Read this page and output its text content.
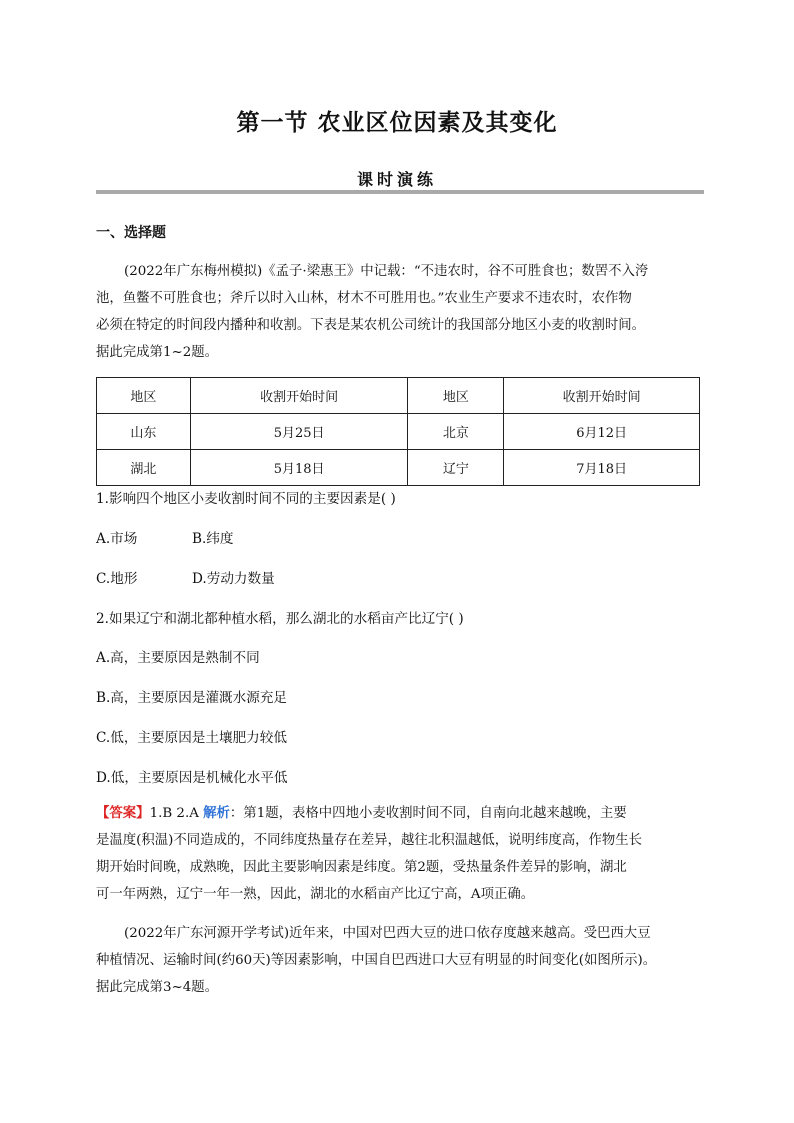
第一节 农业区位因素及其变化
课时演练
一、选择题
(2022年广东梅州模拟)《孟子·梁惠王》中记载：“不违农时，谷不可胜食也；数罟不入洿
池，鱼鳖不可胜食也；斧斤以时入山林，材木不可胜用也。”农业生产要求不违农时，农作物
必须在特定的时间段内播种和收割。下表是某农机公司统计的我国部分地区小麦的收割时间。
据此完成第1~2题。
地区	收割开始时间	地区	收割开始时间
山东	5月25日	北京	6月12日
湖北	5月18日	辽宁	7月18日
1.影响四个地区小麦收割时间不同的主要因素是( )
A.市场	B.纬度
C.地形	D.劳动力数量
2.如果辽宁和湖北都种植水稻，那么湖北的水稻亩产比辽宁( )
A.高，主要原因是熟制不同
B.高，主要原因是灌溉水源充足
C.低，主要原因是土壤肥力较低
D.低，主要原因是机械化水平低
【答案】1.B 2.A 解析：第1题，表格中四地小麦收割时间不同，自南向北越来越晚，主要
是温度(积温)不同造成的，不同纬度热量存在差异，越往北积温越低，说明纬度高，作物生长
期开始时间晚，成熟晚，因此主要影响因素是纬度。第2题，受热量条件差异的影响，湖北
可一年两熟，辽宁一年一熟，因此，湖北的水稻亩产比辽宁高，A项正确。
(2022年广东河源开学考试)近年来，中国对巴西大豆的进口依存度越来越高。受巴西大豆
种植情况、运输时间(约60天)等因素影响，中国自巴西进口大豆有明显的时间变化(如图所示)。
据此完成第3~4题。
